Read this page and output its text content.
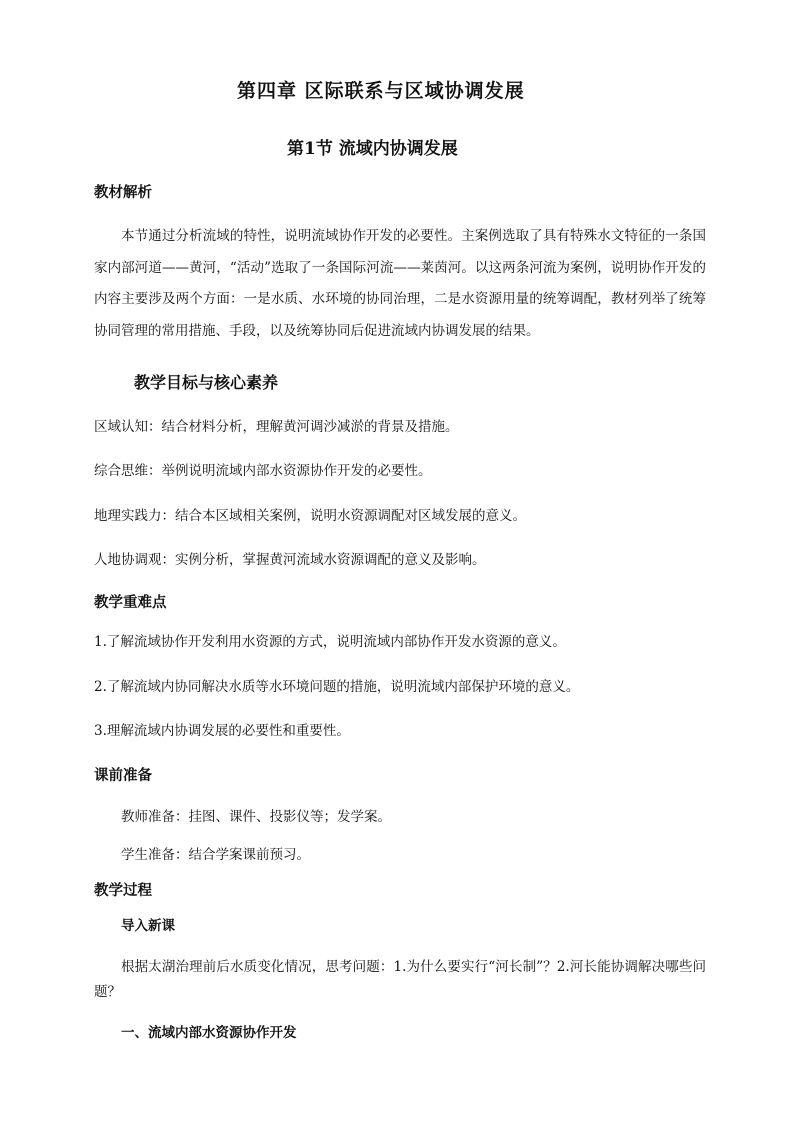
第四章 区际联系与区域协调发展
第1节 流域内协调发展
教材解析
本节通过分析流域的特性，说明流域协作开发的必要性。主案例选取了具有特殊水文特征的一条国家内部河道——黄河，“活动”选取了一条国际河流——莱茵河。以这两条河流为案例，说明协作开发的内容主要涉及两个方面：一是水质、水环境的协同治理，二是水资源用量的统筹调配，教材列举了统筹协同管理的常用措施、手段，以及统筹协同后促进流域内协调发展的结果。
教学目标与核心素养
区域认知：结合材料分析，理解黄河调沙减淤的背景及措施。
综合思维：举例说明流域内部水资源协作开发的必要性。
地理实践力：结合本区域相关案例，说明水资源调配对区域发展的意义。
人地协调观：实例分析，掌握黄河流域水资源调配的意义及影响。
教学重难点
1.了解流域协作开发利用水资源的方式，说明流域内部协作开发水资源的意义。
2.了解流域内协同解决水质等水环境问题的措施，说明流域内部保护环境的意义。
3.理解流域内协调发展的必要性和重要性。
课前准备
教师准备：挂图、课件、投影仪等；发学案。
学生准备：结合学案课前预习。
教学过程
导入新课
根据太湖治理前后水质变化情况，思考问题：1.为什么要实行“河长制”？2.河长能协调解决哪些问题？
一、流域内部水资源协作开发
